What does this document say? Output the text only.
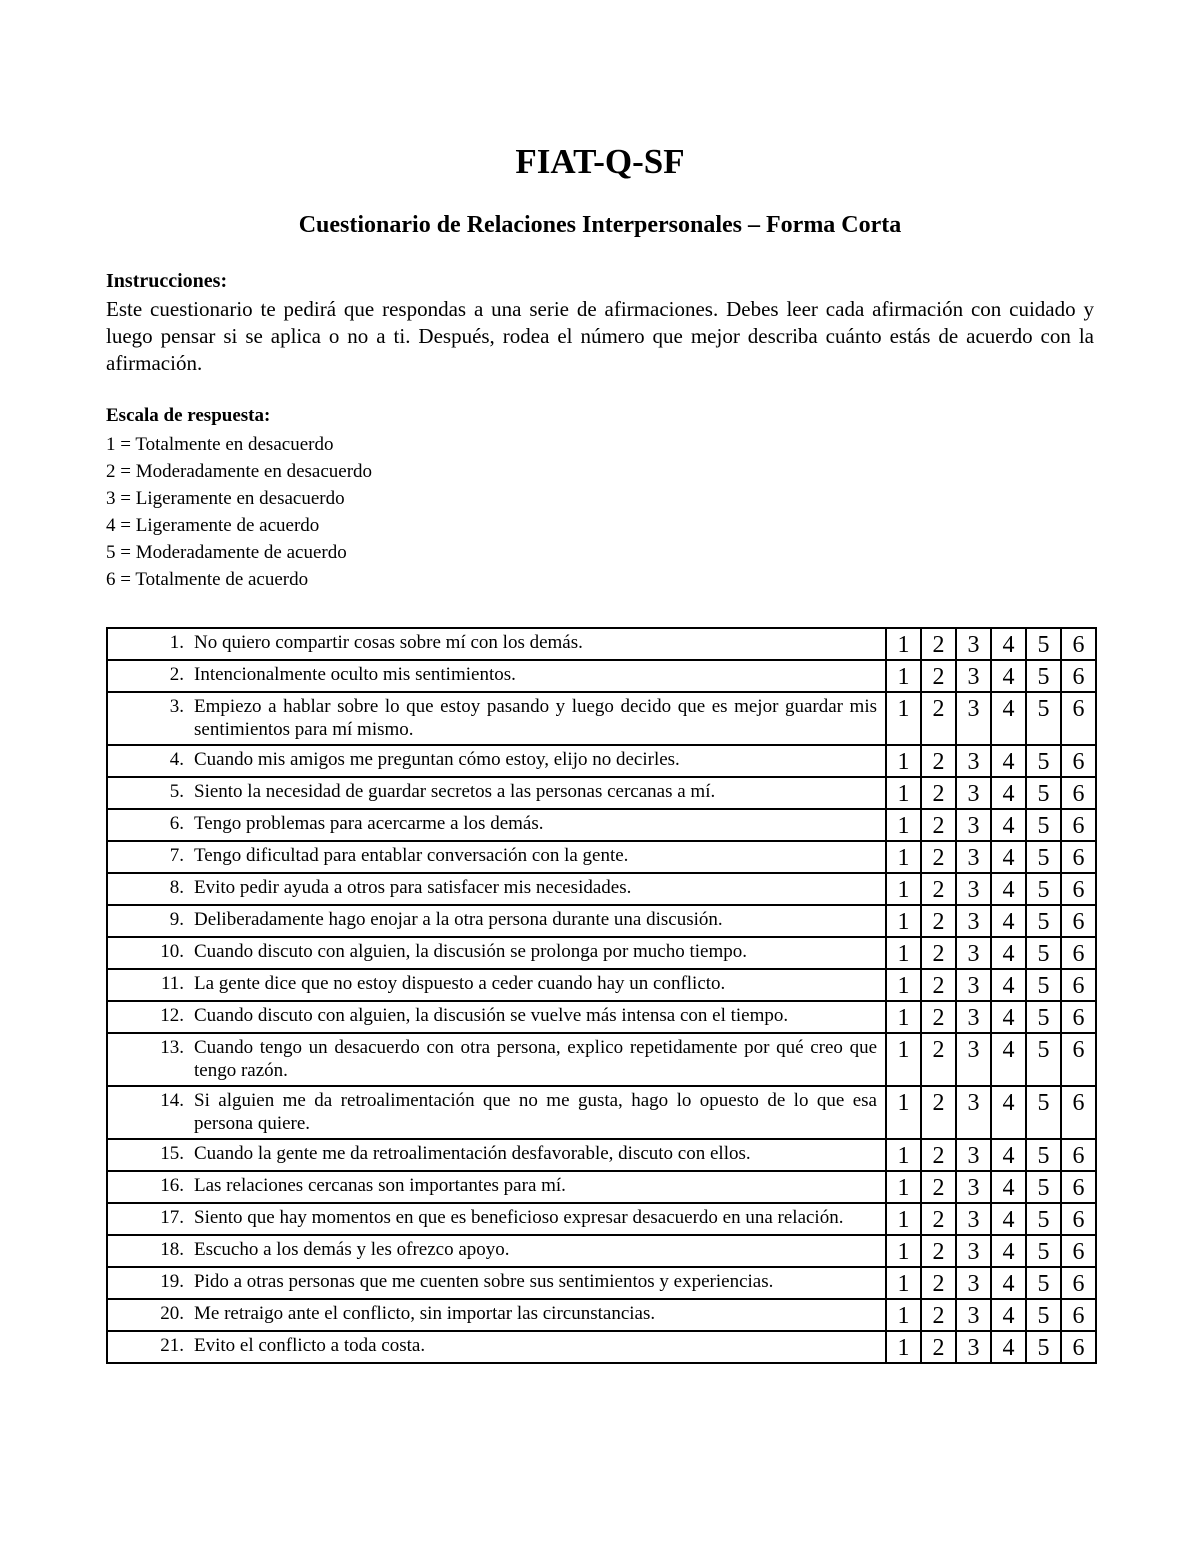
FIAT-Q-SF
Cuestionario de Relaciones Interpersonales – Forma Corta
Instrucciones:
Este cuestionario te pedirá que respondas a una serie de afirmaciones. Debes leer cada afirmación con cuidado y luego pensar si se aplica o no a ti. Después, rodea el número que mejor describa cuánto estás de acuerdo con la afirmación.
Escala de respuesta:
1 = Totalmente en desacuerdo
2 = Moderadamente en desacuerdo
3 = Ligeramente en desacuerdo
4 = Ligeramente de acuerdo
5 = Moderadamente de acuerdo
6 = Totalmente de acuerdo
1. No quiero compartir cosas sobre mí con los demás.	1	2	3	4	5	6

2. Intencionalmente oculto mis sentimientos.	1	2	3	4	5	6

3. Empiezo a hablar sobre lo que estoy pasando y luego decido que es mejor guardar mis sentimientos para mí mismo.	1	2	3	4	5	6

4. Cuando mis amigos me preguntan cómo estoy, elijo no decirles.	1	2	3	4	5	6

5. Siento la necesidad de guardar secretos a las personas cercanas a mí.	1	2	3	4	5	6

6. Tengo problemas para acercarme a los demás.	1	2	3	4	5	6

7. Tengo dificultad para entablar conversación con la gente.	1	2	3	4	5	6

8. Evito pedir ayuda a otros para satisfacer mis necesidades.	1	2	3	4	5	6

9. Deliberadamente hago enojar a la otra persona durante una discusión.	1	2	3	4	5	6

10. Cuando discuto con alguien, la discusión se prolonga por mucho tiempo.	1	2	3	4	5	6

11. La gente dice que no estoy dispuesto a ceder cuando hay un conflicto.	1	2	3	4	5	6

12. Cuando discuto con alguien, la discusión se vuelve más intensa con el tiempo.	1	2	3	4	5	6

13. Cuando tengo un desacuerdo con otra persona, explico repetidamente por qué creo que tengo razón.	1	2	3	4	5	6

14. Si alguien me da retroalimentación que no me gusta, hago lo opuesto de lo que esa persona quiere.	1	2	3	4	5	6

15. Cuando la gente me da retroalimentación desfavorable, discuto con ellos.	1	2	3	4	5	6

16. Las relaciones cercanas son importantes para mí.	1	2	3	4	5	6

17. Siento que hay momentos en que es beneficioso expresar desacuerdo en una relación.	1	2	3	4	5	6

18. Escucho a los demás y les ofrezco apoyo.	1	2	3	4	5	6

19. Pido a otras personas que me cuenten sobre sus sentimientos y experiencias.	1	2	3	4	5	6

20. Me retraigo ante el conflicto, sin importar las circunstancias.	1	2	3	4	5	6

21. Evito el conflicto a toda costa.	1	2	3	4	5	6
